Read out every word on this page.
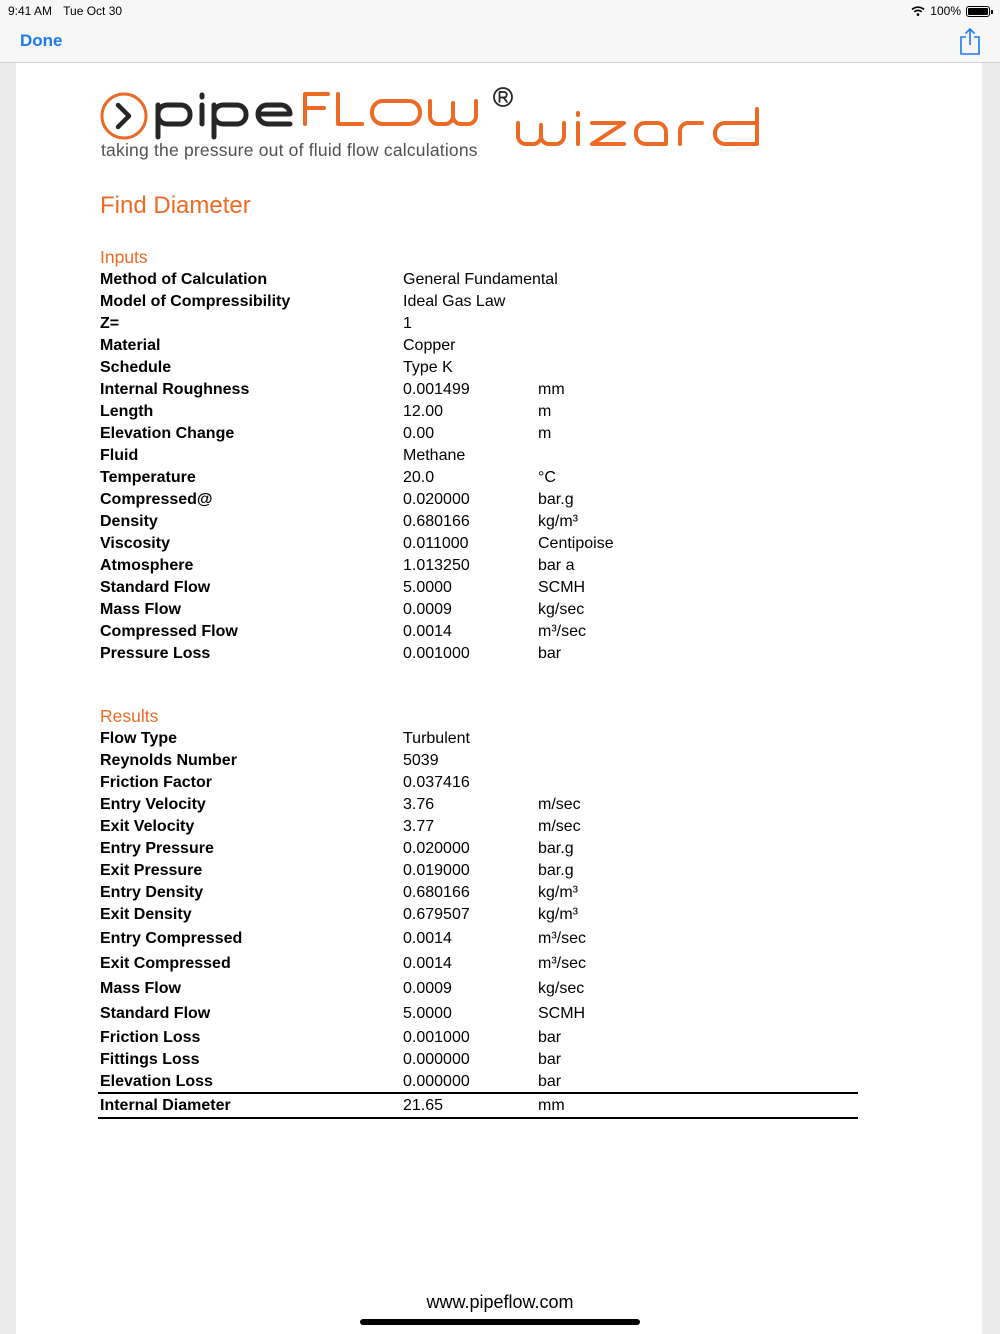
9:41 AM Tue Oct 30	100%
Done
taking the pressure out of fluid flow calculations
Find Diameter
Inputs
Method of Calculation	General Fundamental
Model of Compressibility	Ideal Gas Law
Z=	1
Material	Copper
Schedule	Type K
Internal Roughness	0.001499	mm
Length	12.00	m
Elevation Change	0.00	m
Fluid	Methane
Temperature	20.0	°C
Compressed@	0.020000	bar.g
Density	0.680166	kg/m³
Viscosity	0.011000	Centipoise
Atmosphere	1.013250	bar a
Standard Flow	5.0000	SCMH
Mass Flow	0.0009	kg/sec
Compressed Flow	0.0014	m³/sec
Pressure Loss	0.001000	bar
Results
Flow Type	Turbulent
Reynolds Number	5039
Friction Factor	0.037416
Entry Velocity	3.76	m/sec
Exit Velocity	3.77	m/sec
Entry Pressure	0.020000	bar.g
Exit Pressure	0.019000	bar.g
Entry Density	0.680166	kg/m³
Exit Density	0.679507	kg/m³
Entry Compressed	0.0014	m³/sec
Exit Compressed	0.0014	m³/sec
Mass Flow	0.0009	kg/sec
Standard Flow	5.0000	SCMH
Friction Loss	0.001000	bar
Fittings Loss	0.000000	bar
Elevation Loss	0.000000	bar
Internal Diameter	21.65	mm
www.pipeflow.com
